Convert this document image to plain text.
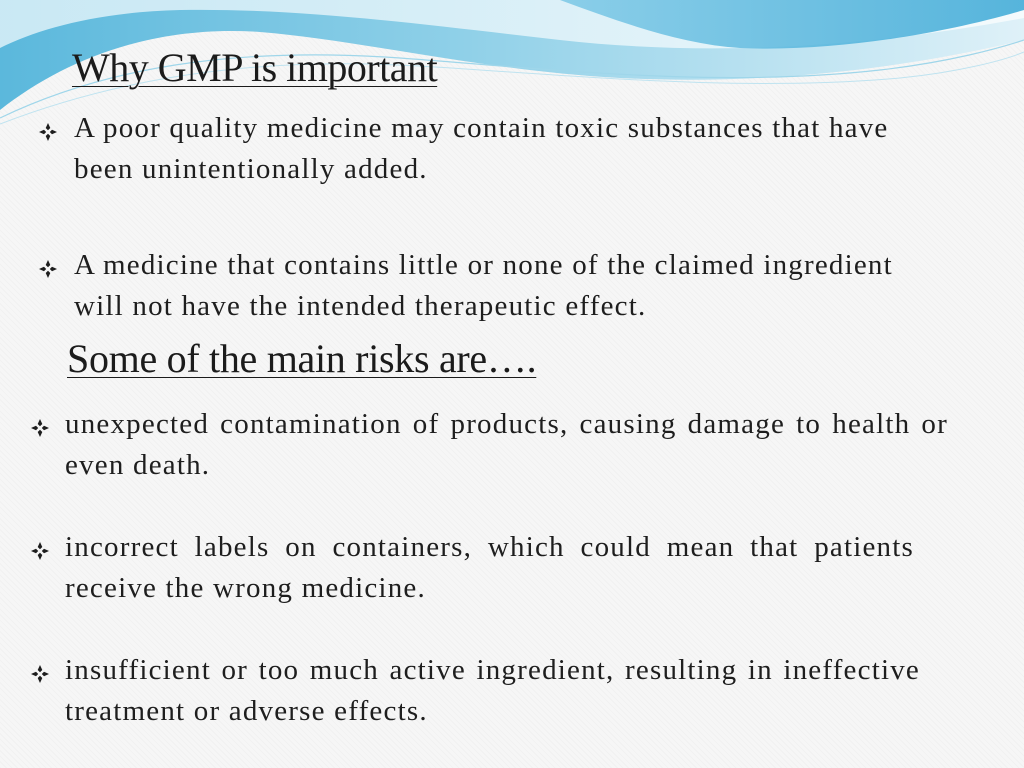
Why GMP is important
A poor quality medicine may contain toxic substances that have been unintentionally added.
A medicine that contains little or none of the claimed ingredient will not have the intended therapeutic effect.
Some of the main risks are….
unexpected contamination of products, causing damage to health or even death.
incorrect labels on containers, which could mean that patients receive the wrong medicine.
insufficient or too much active ingredient, resulting in ineffective treatment or adverse effects.
